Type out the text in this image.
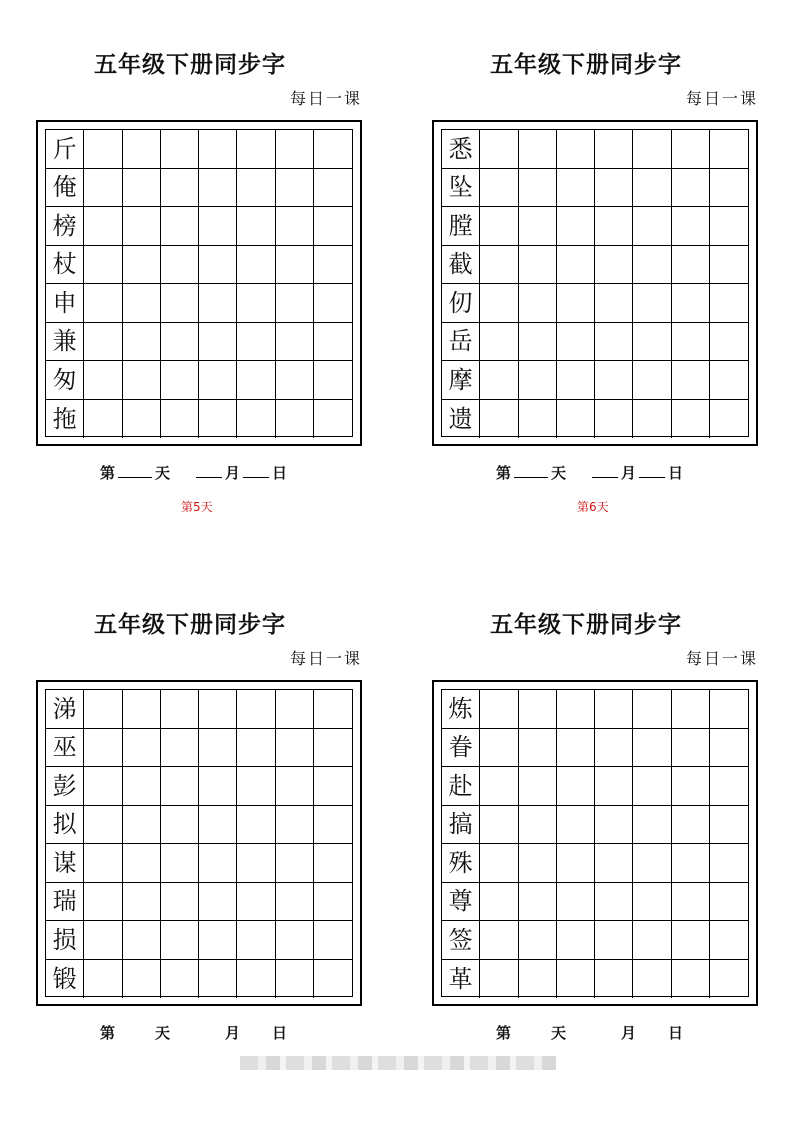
五年级下册同步字
每日一课
斤
俺
榜
杖
申
兼
匆
拖
第	天	月 日
第5天
五年级下册同步字
每日一课
悉
坠
膛
截
仞
岳
摩
遗
第	天	月 日
第6天
五年级下册同步字
每日一课
涕
巫
彭
拟
谋
瑞
损
锻
第	天	月 日
五年级下册同步字
每日一课
炼
眷
赴
搞
殊
尊
签
革
第	天	月 日
